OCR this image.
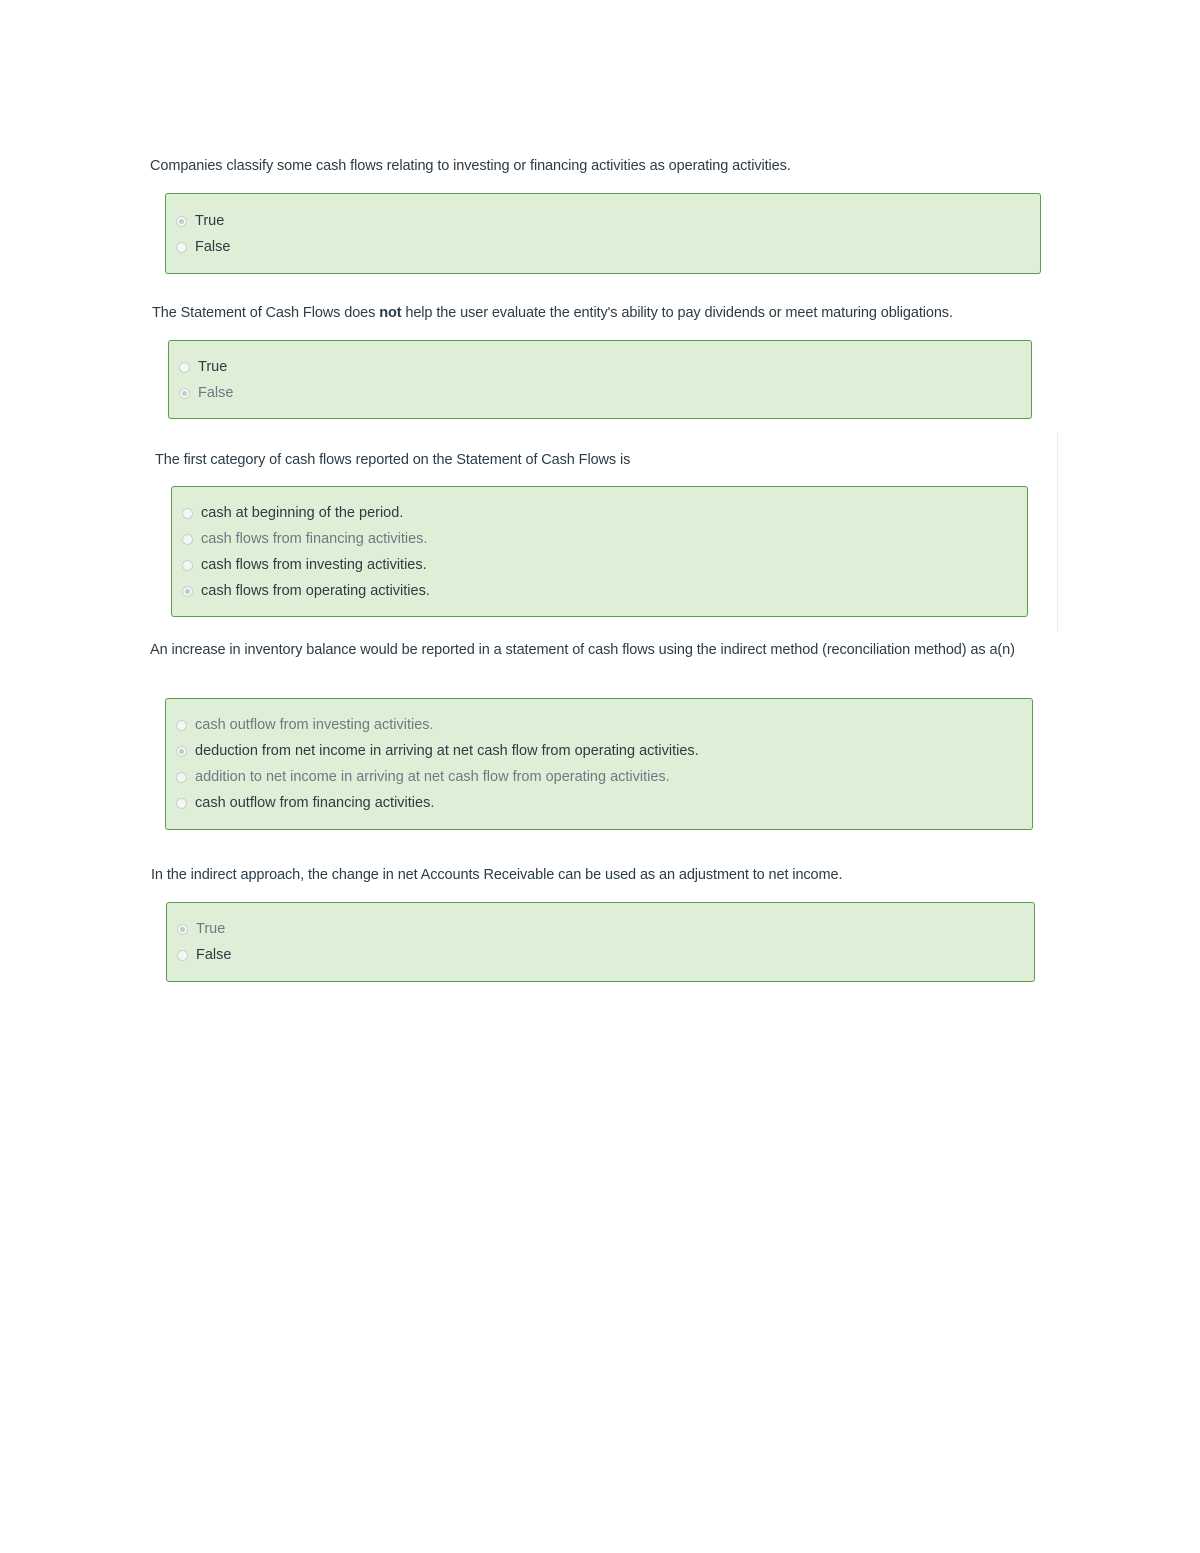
Companies classify some cash flows relating to investing or financing activities as operating activities.
True
False
The Statement of Cash Flows does not help the user evaluate the entity's ability to pay dividends or meet maturing obligations.
True
False
The first category of cash flows reported on the Statement of Cash Flows is
cash at beginning of the period.
cash flows from financing activities.
cash flows from investing activities.
cash flows from operating activities.
An increase in inventory balance would be reported in a statement of cash flows using the indirect method (reconciliation method) as a(n)
cash outflow from investing activities.
deduction from net income in arriving at net cash flow from operating activities.
addition to net income in arriving at net cash flow from operating activities.
cash outflow from financing activities.
In the indirect approach, the change in net Accounts Receivable can be used as an adjustment to net income.
True
False
